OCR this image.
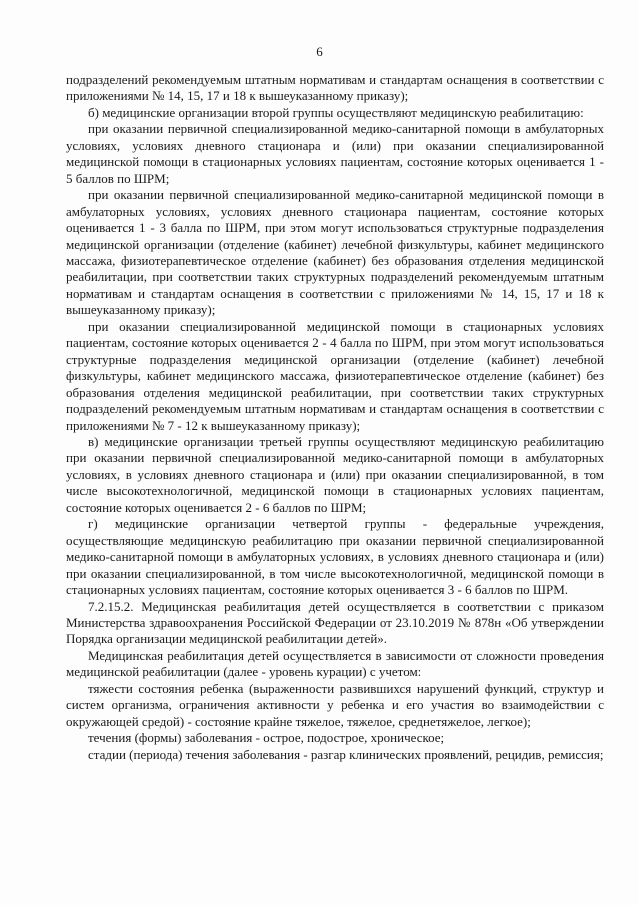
6

подразделений рекомендуемым штатным нормативам и стандартам оснащения в соответствии с приложениями № 14, 15, 17 и 18 к вышеуказанному приказу);

б) медицинские организации второй группы осуществляют медицинскую реабилитацию:

при оказании первичной специализированной медико-санитарной помощи в амбулаторных условиях, условиях дневного стационара и (или) при оказании специализированной медицинской помощи в стационарных условиях пациентам, состояние которых оценивается 1 - 5 баллов по ШРМ;

при оказании первичной специализированной медико-санитарной медицинской помощи в амбулаторных условиях, условиях дневного стационара пациентам, состояние которых оценивается 1 - 3 балла по ШРМ, при этом могут использоваться структурные подразделения медицинской организации (отделение (кабинет) лечебной физкультуры, кабинет медицинского массажа, физиотерапевтическое отделение (кабинет) без образования отделения медицинской реабилитации, при соответствии таких структурных подразделений рекомендуемым штатным нормативам и стандартам оснащения в соответствии с приложениями № 14, 15, 17 и 18 к вышеуказанному приказу);

при оказании специализированной медицинской помощи в стационарных условиях пациентам, состояние которых оценивается 2 - 4 балла по ШРМ, при этом могут использоваться структурные подразделения медицинской организации (отделение (кабинет) лечебной физкультуры, кабинет медицинского массажа, физиотерапевтическое отделение (кабинет) без образования отделения медицинской реабилитации, при соответствии таких структурных подразделений рекомендуемым штатным нормативам и стандартам оснащения в соответствии с приложениями № 7 - 12 к вышеуказанному приказу);

в) медицинские организации третьей группы осуществляют медицинскую реабилитацию при оказании первичной специализированной медико-санитарной помощи в амбулаторных условиях, в условиях дневного стационара и (или) при оказании специализированной, в том числе высокотехнологичной, медицинской помощи в стационарных условиях пациентам, состояние которых оценивается 2 - 6 баллов по ШРМ;

г) медицинские организации четвертой группы - федеральные учреждения, осуществляющие медицинскую реабилитацию при оказании первичной специализированной медико-санитарной помощи в амбулаторных условиях, в условиях дневного стационара и (или) при оказании специализированной, в том числе высокотехнологичной, медицинской помощи в стационарных условиях пациентам, состояние которых оценивается 3 - 6 баллов по ШРМ.

7.2.15.2. Медицинская реабилитация детей осуществляется в соответствии с приказом Министерства здравоохранения Российской Федерации от 23.10.2019 № 878н «Об утверждении Порядка организации медицинской реабилитации детей».

Медицинская реабилитация детей осуществляется в зависимости от сложности проведения медицинской реабилитации (далее - уровень курации) с учетом:

тяжести состояния ребенка (выраженности развившихся нарушений функций, структур и систем организма, ограничения активности у ребенка и его участия во взаимодействии с окружающей средой) - состояние крайне тяжелое, тяжелое, среднетяжелое, легкое);

течения (формы) заболевания - острое, подострое, хроническое;

стадии (периода) течения заболевания - разгар клинических проявлений, рецидив, ремиссия;
